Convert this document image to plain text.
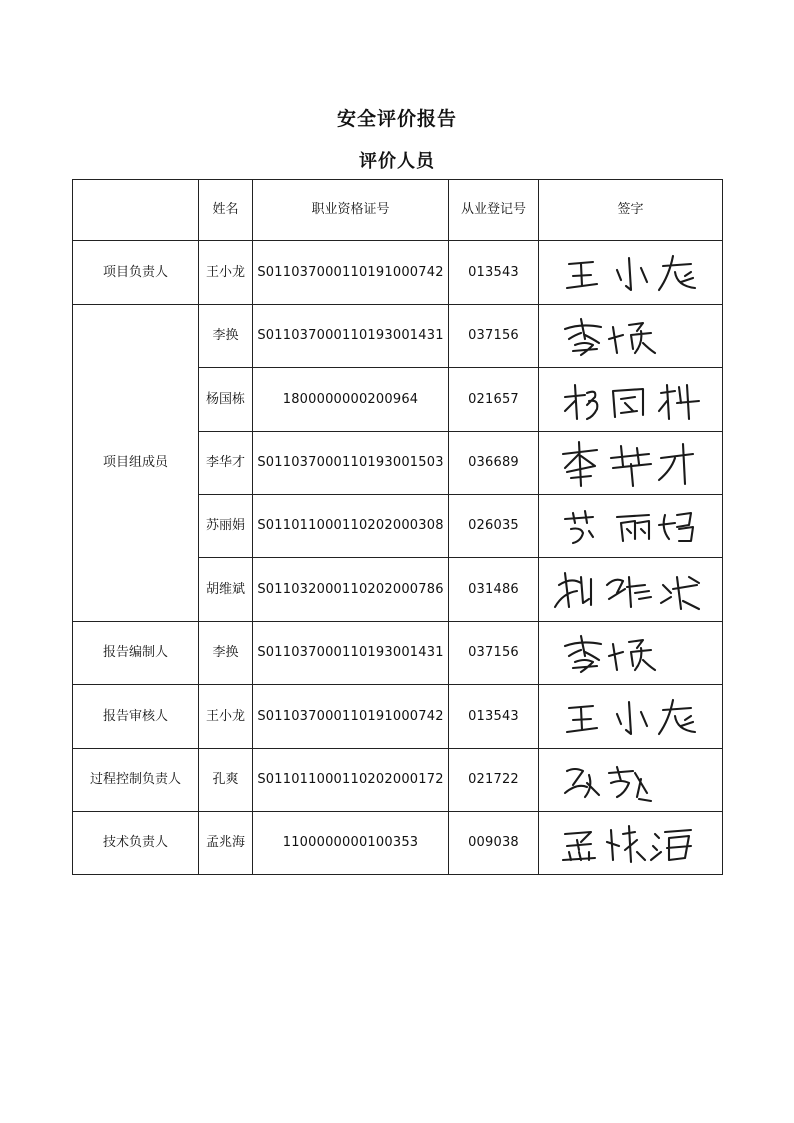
安全评价报告
评价人员
	姓名	职业资格证号	从业登记号	签字
项目负责人	王小龙	S011037000110191000742	013543	

项目组成员	李换	S011037000110193001431	037156	

	杨国栋	1800000000200964	021657	

	李华才	S011037000110193001503	036689	

	苏丽娟	S011011000110202000308	026035	

	胡维斌	S011032000110202000786	031486	

报告编制人	李换	S011037000110193001431	037156	

报告审核人	王小龙	S011037000110191000742	013543	

过程控制负责人	孔爽	S011011000110202000172	021722	

技术负责人	孟兆海	1100000000100353	009038	
